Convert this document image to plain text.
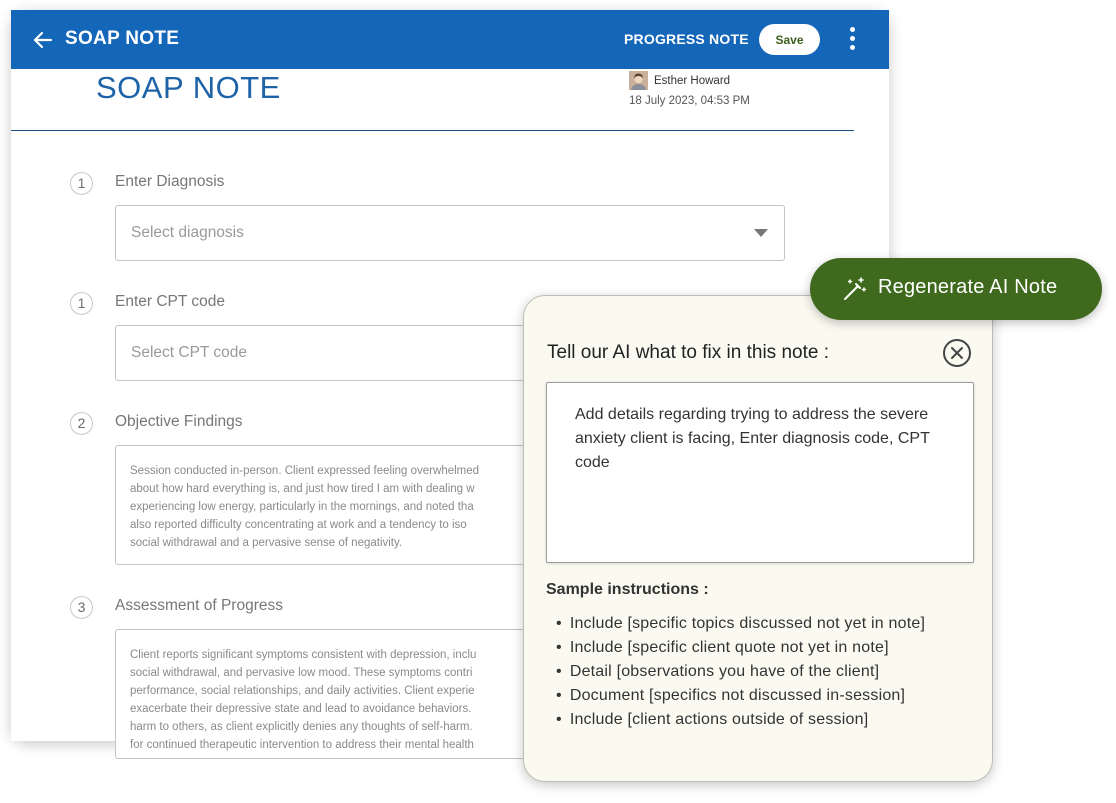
SOAP NOTE	PROGRESS NOTE	Save
SOAP NOTE	Esther Howard
18 July 2023, 04:53 PM
1	Enter Diagnosis
Select diagnosis
1	Enter CPT code
Select CPT code
2	Objective Findings
Session conducted in-person. Client expressed feeling overwhelmed
about how hard everything is, and just how tired I am with dealing w
experiencing low energy, particularly in the mornings, and noted tha
also reported difficulty concentrating at work and a tendency to iso
social withdrawal and a pervasive sense of negativity.
3	Assessment of Progress
Client reports significant symptoms consistent with depression, inclu
social withdrawal, and pervasive low mood. These symptoms contri
performance, social relationships, and daily activities. Client experie
exacerbate their depressive state and lead to avoidance behaviors.
harm to others, as client explicitly denies any thoughts of self-harm.
for continued therapeutic intervention to address their mental health
Tell our AI what to fix in this note :
Add details regarding trying to address the severe anxiety client is facing, Enter diagnosis code, CPT code
Sample instructions :
• Include [specific topics discussed not yet in note]
• Include [specific client quote not yet in note]
• Detail [observations you have of the client]
• Document [specifics not discussed in-session]
• Include [client actions outside of session]
Regenerate AI Note
